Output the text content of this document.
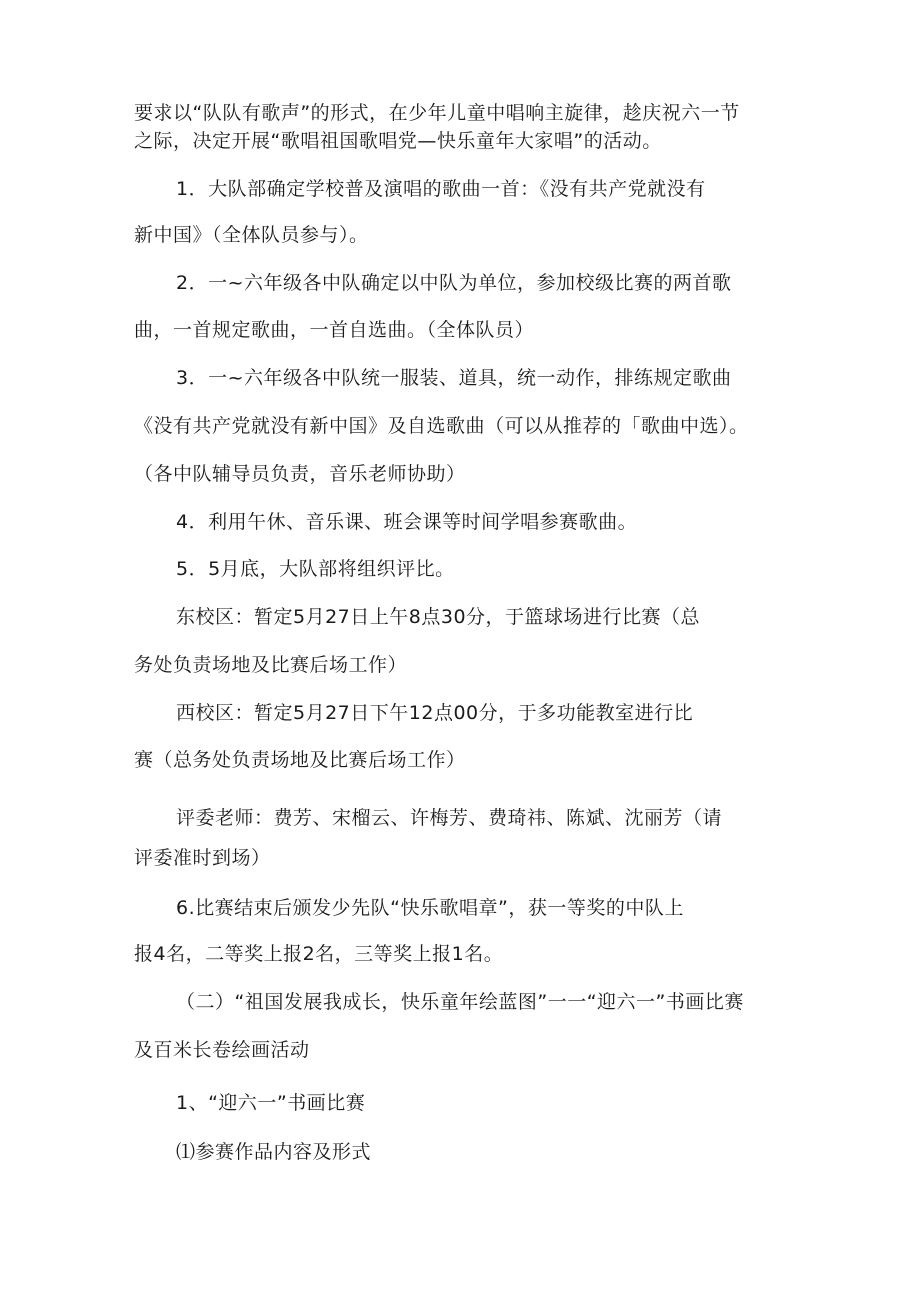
要求以“队队有歌声”的形式，在少年儿童中唱响主旋律，趁庆祝六一节

之际，决定开展“歌唱祖国歌唱党—快乐童年大家唱”的活动。

1．大队部确定学校普及演唱的歌曲一首：《没有共产党就没有

新中国》（全体队员参与）。

2．一~六年级各中队确定以中队为单位，参加校级比赛的两首歌

曲，一首规定歌曲，一首自选曲。（全体队员）

3．一~六年级各中队统一服装、道具，统一动作，排练规定歌曲

《没有共产党就没有新中国》及自选歌曲（可以从推荐的「歌曲中选）。

（各中队辅导员负责，音乐老师协助）

4．利用午休、音乐课、班会课等时间学唱参赛歌曲。

5．5月底，大队部将组织评比。

东校区：暂定5月27日上午8点30分，于篮球场进行比赛（总

务处负责场地及比赛后场工作）

西校区：暂定5月27日下午12点00分，于多功能教室进行比

赛（总务处负责场地及比赛后场工作）

评委老师：费芳、宋榴云、许梅芳、费琦祎、陈斌、沈丽芳（请

评委准时到场）

6.比赛结束后颁发少先队“快乐歌唱章”，获一等奖的中队上

报4名，二等奖上报2名，三等奖上报1名。

（二）“祖国发展我成长，快乐童年绘蓝图”一一“迎六一”书画比赛

及百米长卷绘画活动

1、“迎六一”书画比赛

⑴参赛作品内容及形式
